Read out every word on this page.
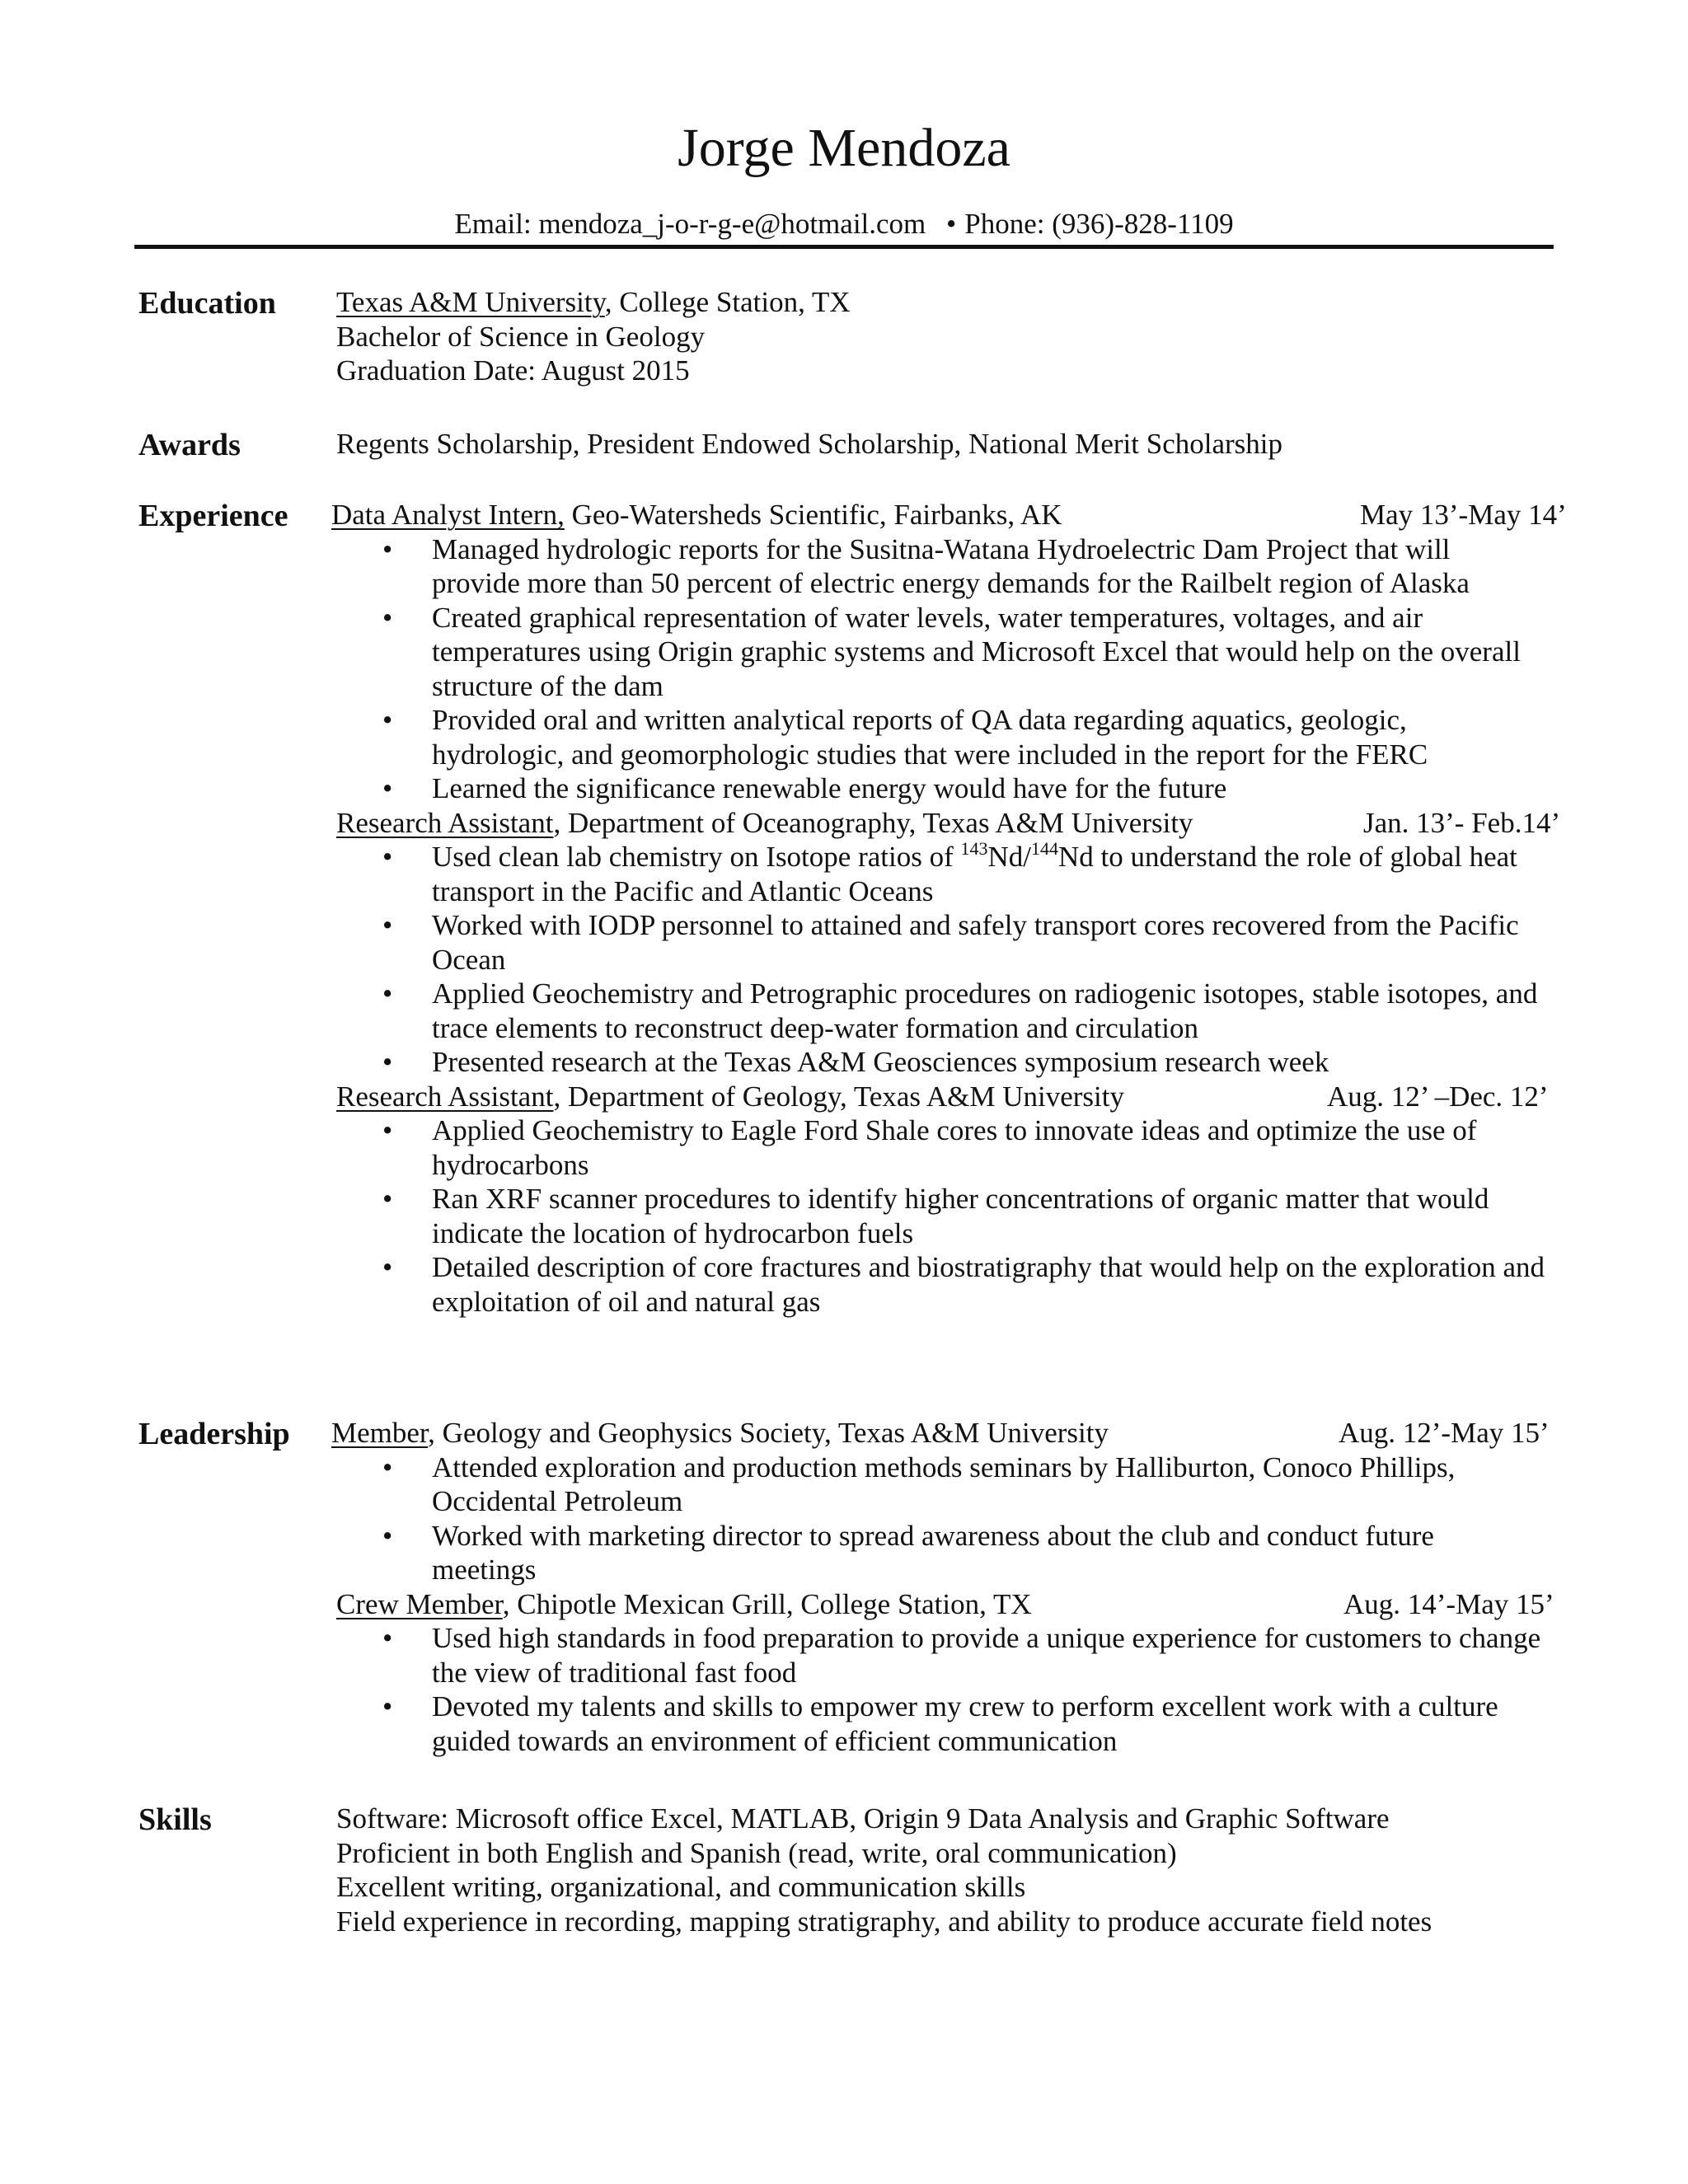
Jorge Mendoza
Email: mendoza_j-o-r-g-e@hotmail.com • Phone: (936)-828-1109
Education Texas A&M University, College Station, TX
Bachelor of Science in Geology
Graduation Date: August 2015
Awards	Regents Scholarship, President Endowed Scholarship, National Merit Scholarship
Experience Data Analyst Intern, Geo-Watersheds Scientific, Fairbanks, AK	May 13’-May 14’
• Managed hydrologic reports for the Susitna-Watana Hydroelectric Dam Project that will provide more than 50 percent of electric energy demands for the Railbelt region of Alaska
• Created graphical representation of water levels, water temperatures, voltages, and air temperatures using Origin graphic systems and Microsoft Excel that would help on the overall structure of the dam
• Provided oral and written analytical reports of QA data regarding aquatics, geologic, hydrologic, and geomorphologic studies that were included in the report for the FERC
• Learned the significance renewable energy would have for the future
Research Assistant, Department of Oceanography, Texas A&M University	Jan. 13’- Feb.14’
• Used clean lab chemistry on Isotope ratios of $^{143}$Nd/$^{144}$Nd to understand the role of global heat transport in the Pacific and Atlantic Oceans
• Worked with IODP personnel to attained and safely transport cores recovered from the Pacific Ocean
• Applied Geochemistry and Petrographic procedures on radiogenic isotopes, stable isotopes, and trace elements to reconstruct deep-water formation and circulation
• Presented research at the Texas A&M Geosciences symposium research week
Research Assistant, Department of Geology, Texas A&M University	Aug. 12’ –Dec. 12’
• Applied Geochemistry to Eagle Ford Shale cores to innovate ideas and optimize the use of hydrocarbons
• Ran XRF scanner procedures to identify higher concentrations of organic matter that would indicate the location of hydrocarbon fuels
• Detailed description of core fractures and biostratigraphy that would help on the exploration and exploitation of oil and natural gas
Leadership Member, Geology and Geophysics Society, Texas A&M University	Aug. 12’-May 15’
• Attended exploration and production methods seminars by Halliburton, Conoco Phillips, Occidental Petroleum
• Worked with marketing director to spread awareness about the club and conduct future meetings
Crew Member, Chipotle Mexican Grill, College Station, TX	Aug. 14’-May 15’
• Used high standards in food preparation to provide a unique experience for customers to change the view of traditional fast food
• Devoted my talents and skills to empower my crew to perform excellent work with a culture guided towards an environment of efficient communication
Skills	Software: Microsoft office Excel, MATLAB, Origin 9 Data Analysis and Graphic Software
Proficient in both English and Spanish (read, write, oral communication)
Excellent writing, organizational, and communication skills
Field experience in recording, mapping stratigraphy, and ability to produce accurate field notes
